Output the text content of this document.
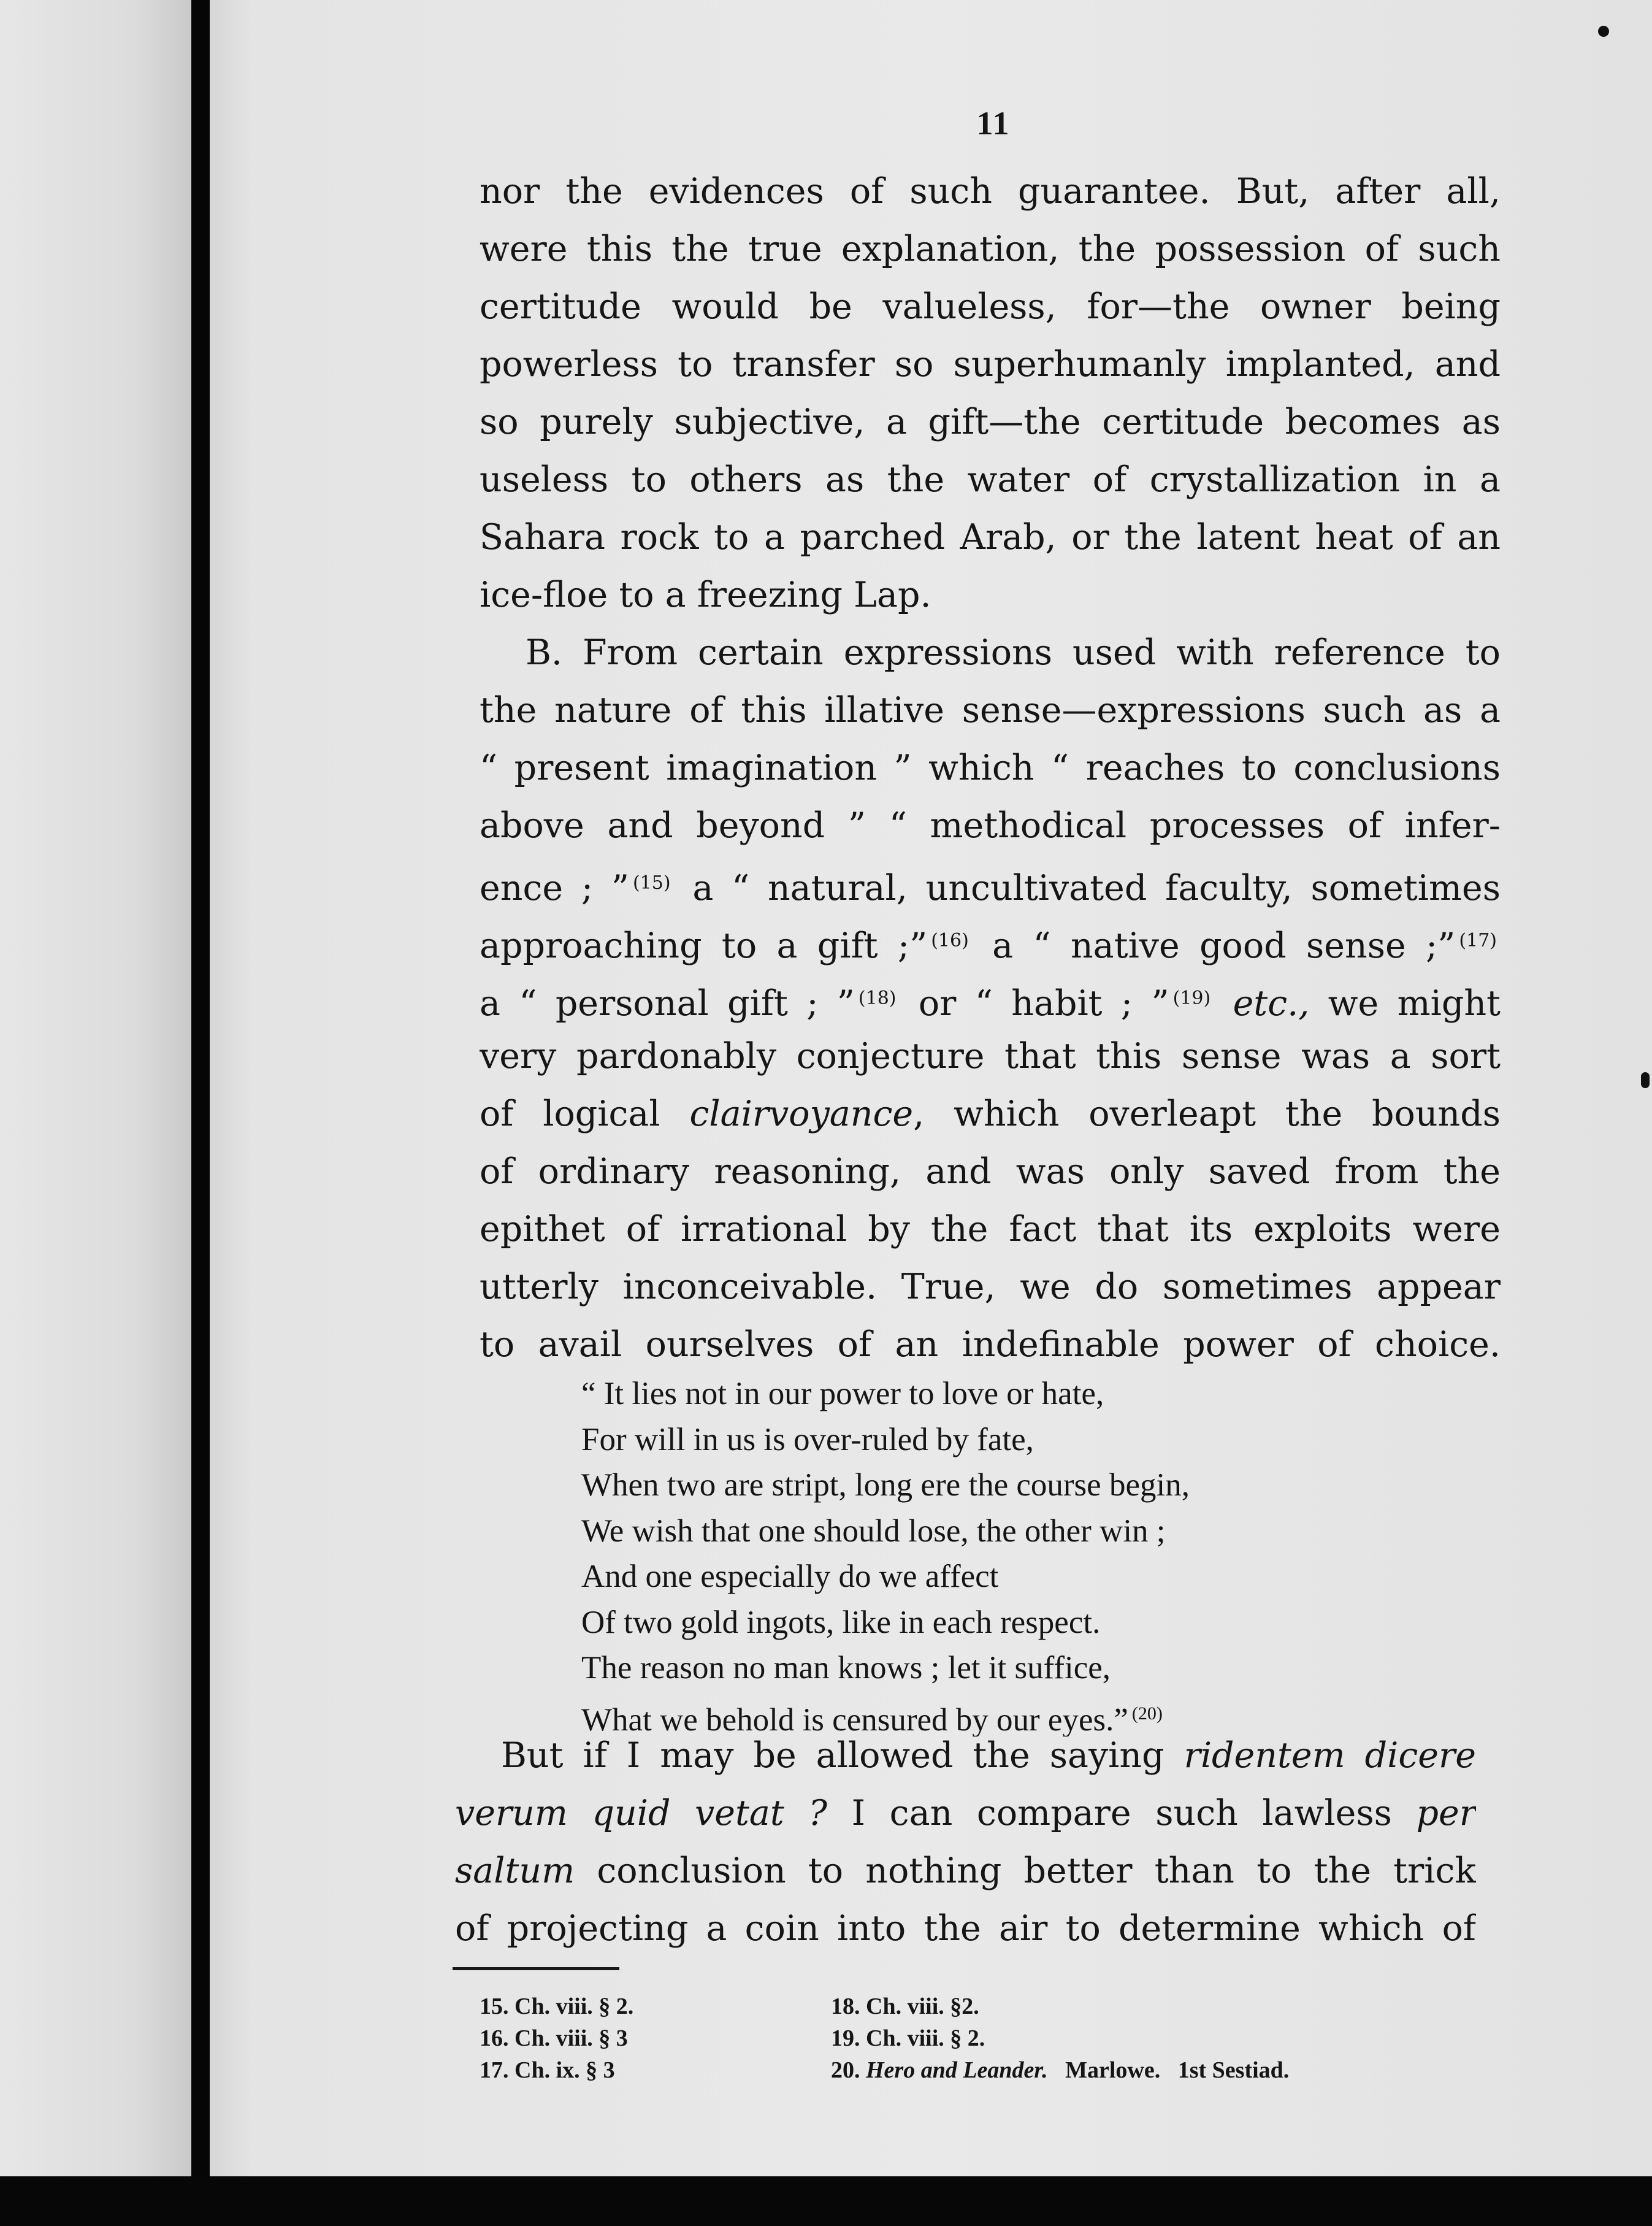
11
nor the evidences of such guarantee. But, after all,
were this the true explanation, the possession of such
certitude would be valueless, for—the owner being
powerless to transfer so superhumanly implanted, and
so purely subjective, a gift—the certitude becomes as
useless to others as the water of crystallization in a
Sahara rock to a parched Arab, or the latent heat of an
ice-floe to a freezing Lap.
B. From certain expressions used with reference to
the nature of this illative sense—expressions such as a
“ present imagination ” which “ reaches to conclusions
above and beyond ” “ methodical processes of infer-
ence ; ” $^{(15)}$ a “ natural, uncultivated faculty, sometimes
approaching to a gift ;” $^{(16)}$ a “ native good sense ;” $^{(17)}$
a “ personal gift ; ” $^{(18)}$ or “ habit ; ” $^{(19)}$ etc., we might
very pardonably conjecture that this sense was a sort
of logical clairvoyance, which overleapt the bounds
of ordinary reasoning, and was only saved from the
epithet of irrational by the fact that its exploits were
utterly inconceivable. True, we do sometimes appear
to avail ourselves of an indefinable power of choice.
“ It lies not in our power to love or hate,
For will in us is over-ruled by fate,
When two are stript, long ere the course begin,
We wish that one should lose, the other win ;
And one especially do we affect
Of two gold ingots, like in each respect.
The reason no man knows ; let it suffice,
What we behold is censured by our eyes.” $^{(20)}$
But if I may be allowed the saying ridentem dicere
verum quid vetat ? I can compare such lawless per
saltum conclusion to nothing better than to the trick
of projecting a coin into the air to determine which of
15. Ch. viii. § 2.
16. Ch. viii. § 3
17. Ch. ix. § 3
18. Ch. viii. §2.
19. Ch. viii. § 2.
20. Hero and Leander. Marlowe. 1st Sestiad.
